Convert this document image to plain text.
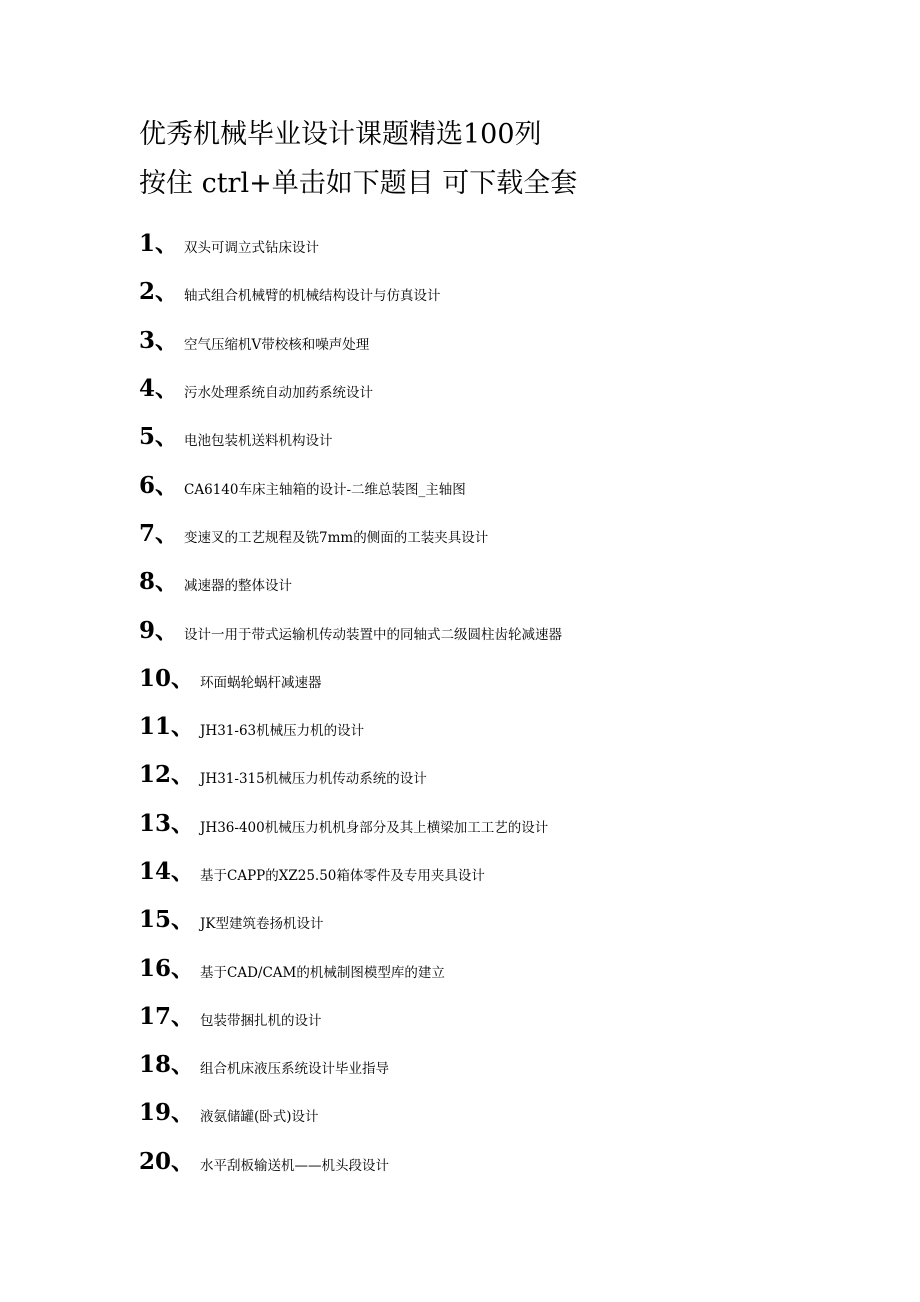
优秀机械毕业设计课题精选100列
按住 ctrl+单击如下题目 可下载全套
1、 双头可调立式钻床设计
2、 轴式组合机械臂的机械结构设计与仿真设计
3、 空气压缩机V带校核和噪声处理
4、 污水处理系统自动加药系统设计
5、 电池包装机送料机构设计
6、 CA6140车床主轴箱的设计-二维总装图_主轴图
7、 变速叉的工艺规程及铣7mm的侧面的工装夹具设计
8、 减速器的整体设计
9、 设计一用于带式运输机传动装置中的同轴式二级圆柱齿轮减速器
10、 环面蜗轮蜗杆减速器
11、 JH31-63机械压力机的设计
12、 JH31-315机械压力机传动系统的设计
13、 JH36-400机械压力机机身部分及其上横梁加工工艺的设计
14、 基于CAPP的XZ25.50箱体零件及专用夹具设计
15、 JK型建筑卷扬机设计
16、 基于CAD/CAM的机械制图模型库的建立
17、 包装带捆扎机的设计
18、 组合机床液压系统设计毕业指导
19、 液氨储罐(卧式)设计
20、 水平刮板输送机——机头段设计
